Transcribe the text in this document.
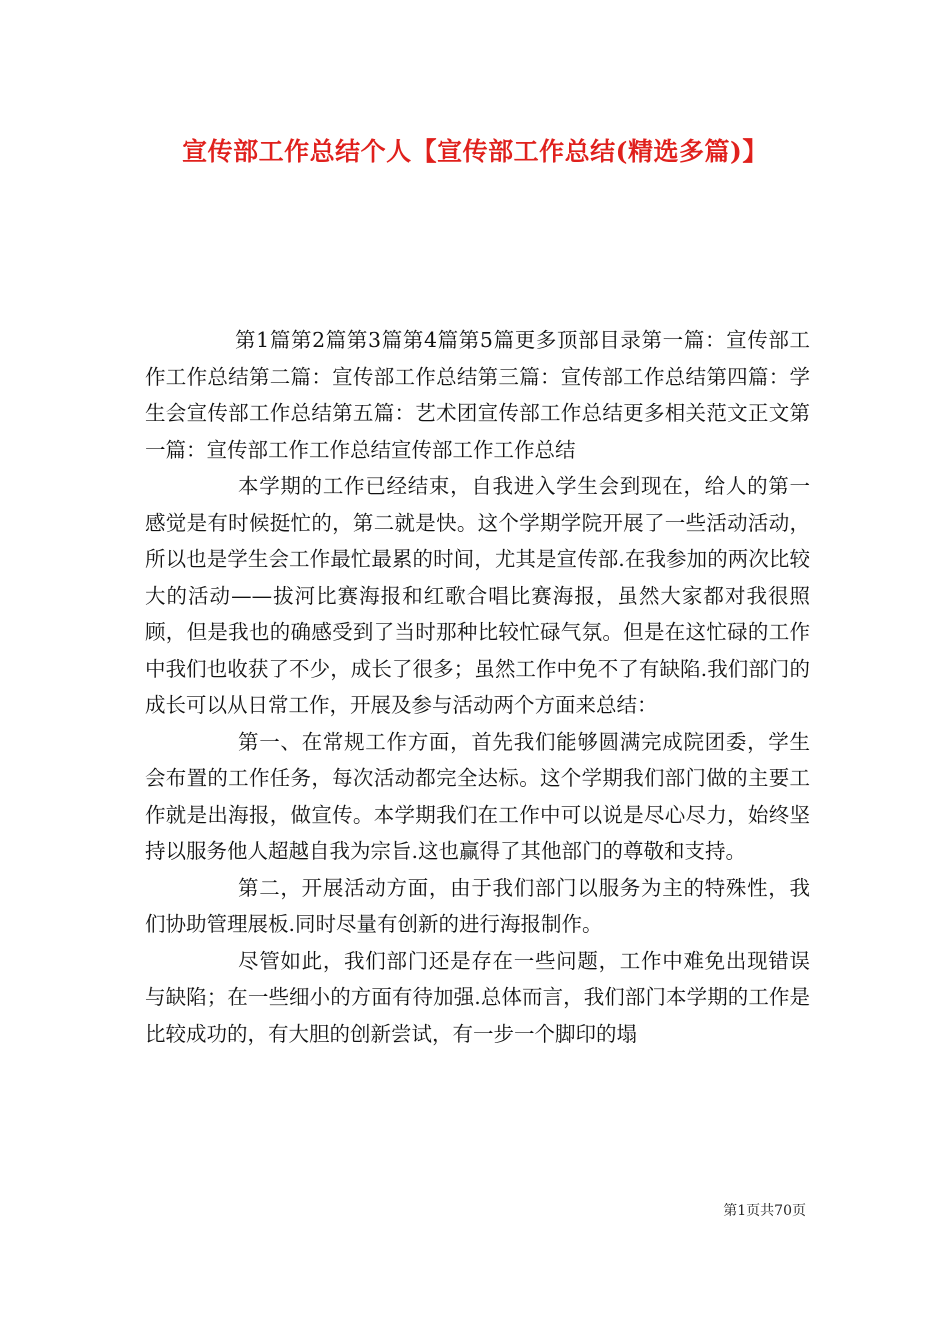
宣传部工作总结个人【宣传部工作总结(精选多篇)】

第1篇第2篇第3篇第4篇第5篇更多顶部目录第一篇：宣传部工作工作总结第二篇：宣传部工作总结第三篇：宣传部工作总结第四篇：学生会宣传部工作总结第五篇：艺术团宣传部工作总结更多相关范文正文第一篇：宣传部工作工作总结宣传部工作工作总结

本学期的工作已经结束，自我进入学生会到现在，给人的第一感觉是有时候挺忙的，第二就是快。这个学期学院开展了一些活动活动，所以也是学生会工作最忙最累的时间，尤其是宣传部.在我参加的两次比较大的活动——拔河比赛海报和红歌合唱比赛海报，虽然大家都对我很照顾，但是我也的确感受到了当时那种比较忙碌气氛。但是在这忙碌的工作中我们也收获了不少，成长了很多；虽然工作中免不了有缺陷.我们部门的成长可以从日常工作，开展及参与活动两个方面来总结：

第一、在常规工作方面，首先我们能够圆满完成院团委，学生会布置的工作任务，每次活动都完全达标。这个学期我们部门做的主要工作就是出海报，做宣传。本学期我们在工作中可以说是尽心尽力，始终坚持以服务他人超越自我为宗旨.这也赢得了其他部门的尊敬和支持。

第二，开展活动方面，由于我们部门以服务为主的特殊性，我们协助管理展板.同时尽量有创新的进行海报制作。

尽管如此，我们部门还是存在一些问题，工作中难免出现错误与缺陷；在一些细小的方面有待加强.总体而言，我们部门本学期的工作是比较成功的，有大胆的创新尝试，有一步一个脚印的塌

第1页共70页
